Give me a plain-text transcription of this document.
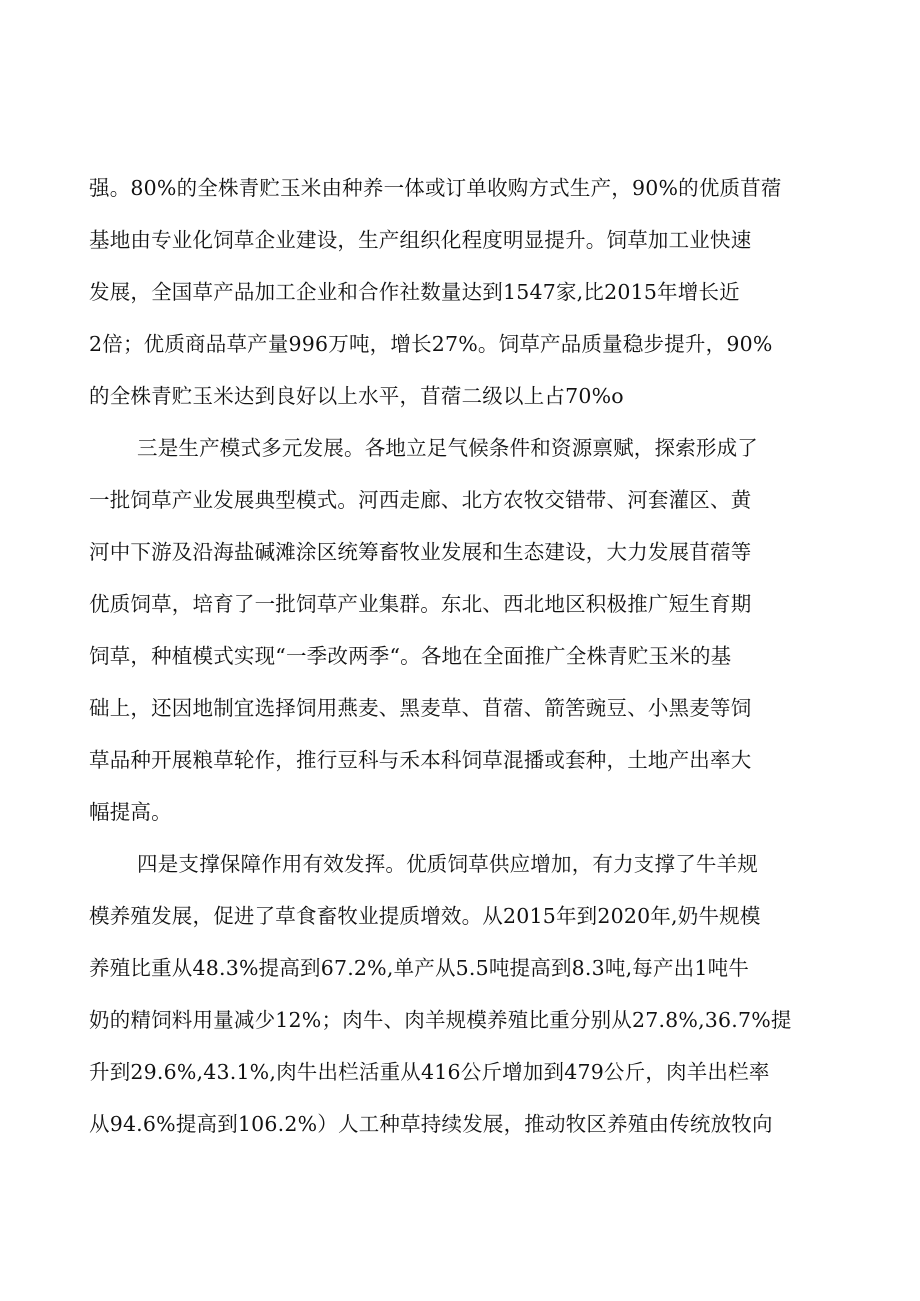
强。80%的全株青贮玉米由种养一体或订单收购方式生产，90%的优质苜蓿
基地由专业化饲草企业建设，生产组织化程度明显提升。饲草加工业快速
发展，全国草产品加工企业和合作社数量达到1547家,比2015年增长近
2倍；优质商品草产量996万吨，增长27%。饲草产品质量稳步提升，90%
的全株青贮玉米达到良好以上水平，苜蓿二级以上占70%o
三是生产模式多元发展。各地立足气候条件和资源禀赋，探索形成了
一批饲草产业发展典型模式。河西走廊、北方农牧交错带、河套灌区、黄
河中下游及沿海盐碱滩涂区统筹畜牧业发展和生态建设，大力发展苜蓿等
优质饲草，培育了一批饲草产业集群。东北、西北地区积极推广短生育期
饲草，种植模式实现“一季改两季“。各地在全面推广全株青贮玉米的基
础上，还因地制宜选择饲用燕麦、黑麦草、苜蓿、箭筈豌豆、小黑麦等饲
草品种开展粮草轮作，推行豆科与禾本科饲草混播或套种，土地产出率大
幅提高。
四是支撑保障作用有效发挥。优质饲草供应增加，有力支撑了牛羊规
模养殖发展，促进了草食畜牧业提质增效。从2015年到2020年,奶牛规模
养殖比重从48.3%提高到67.2%,单产从5.5吨提高到8.3吨,每产出1吨牛
奶的精饲料用量减少12%；肉牛、肉羊规模养殖比重分别从27.8%,36.7%提
升到29.6%,43.1%,肉牛出栏活重从416公斤增加到479公斤，肉羊出栏率
从94.6%提高到106.2%）人工种草持续发展，推动牧区养殖由传统放牧向
